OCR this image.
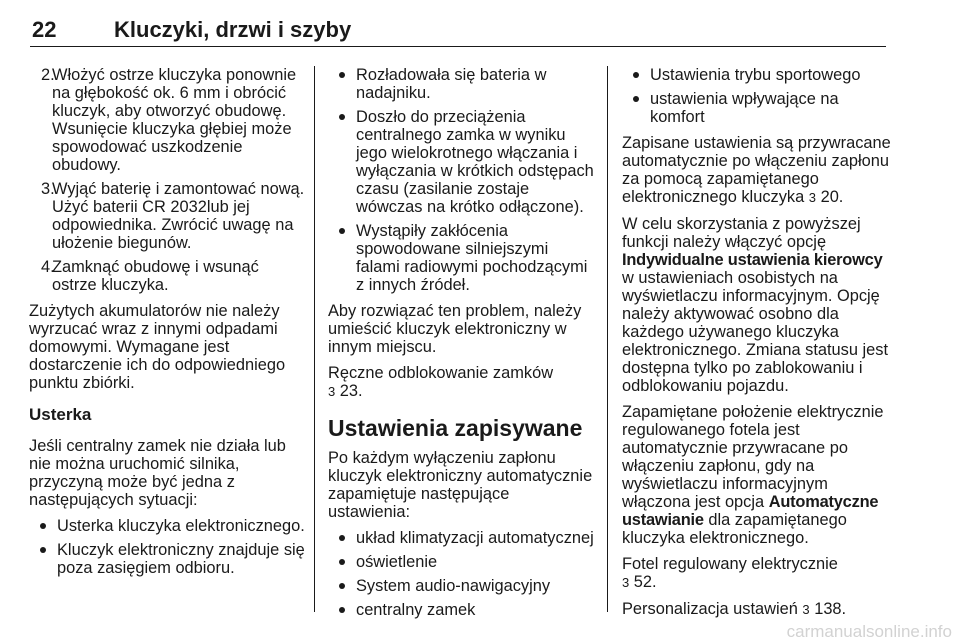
22	Kluczyki, drzwi i szyby
2.
Włożyć ostrze kluczyka ponownie na głębokość ok. 6 mm i obrócić kluczyk, aby otworzyć obudowę. Wsunięcie kluczyka głębiej może spowodować uszkodzenie obudowy.
3.
Wyjąć baterię i zamontować nową. Użyć baterii CR 2032lub jej odpowiednika. Zwrócić uwagę na ułożenie biegunów.
4.
Zamknąć obudowę i wsunąć ostrze kluczyka.

Zużytych akumulatorów nie należy wyrzucać wraz z innymi odpadami domowymi. Wymagane jest dostarczenie ich do odpowiedniego punktu zbiórki.

Usterka

Jeśli centralny zamek nie działa lub nie można uruchomić silnika, przyczyną może być jedna z następujących sytuacji:

Usterka kluczyka elektronicznego.
Kluczyk elektroniczny znajduje się poza zasięgiem odbioru.
Rozładowała się bateria w nadajniku.
Doszło do przeciążenia centralnego zamka w wyniku jego wielokrotnego włączania i wyłączania w krótkich odstępach czasu (zasilanie zostaje wówczas na krótko odłączone).
Wystąpiły zakłócenia spowodowane silniejszymi falami radiowymi pochodzącymi z innych źródeł.

Aby rozwiązać ten problem, należy umieścić kluczyk elektroniczny w innym miejscu.

Ręczne odblokowanie zamków
3 23.

Ustawienia zapisywane

Po każdym wyłączeniu zapłonu kluczyk elektroniczny automatycznie zapamiętuje następujące ustawienia:

układ klimatyzacji automatycznej
oświetlenie
System audio-nawigacyjny
centralny zamek
Ustawienia trybu sportowego
ustawienia wpływające na komfort

Zapisane ustawienia są przywracane automatycznie po włączeniu zapłonu za pomocą zapamiętanego elektronicznego kluczyka 3 20.

W celu skorzystania z powyższej funkcji należy włączyć opcję Indywidualne ustawienia kierowcy w ustawieniach osobistych na wyświetlaczu informacyjnym. Opcję należy aktywować osobno dla każdego używanego kluczyka elektronicznego. Zmiana statusu jest dostępna tylko po zablokowaniu i odblokowaniu pojazdu.

Zapamiętane położenie elektrycznie regulowanego fotela jest automatycznie przywracane po włączeniu zapłonu, gdy na wyświetlaczu informacyjnym włączona jest opcja Automatyczne ustawianie dla zapamiętanego kluczyka elektronicznego.

Fotel regulowany elektrycznie
3 52.

Personalizacja ustawień 3 138.

carmanualsonline.info
